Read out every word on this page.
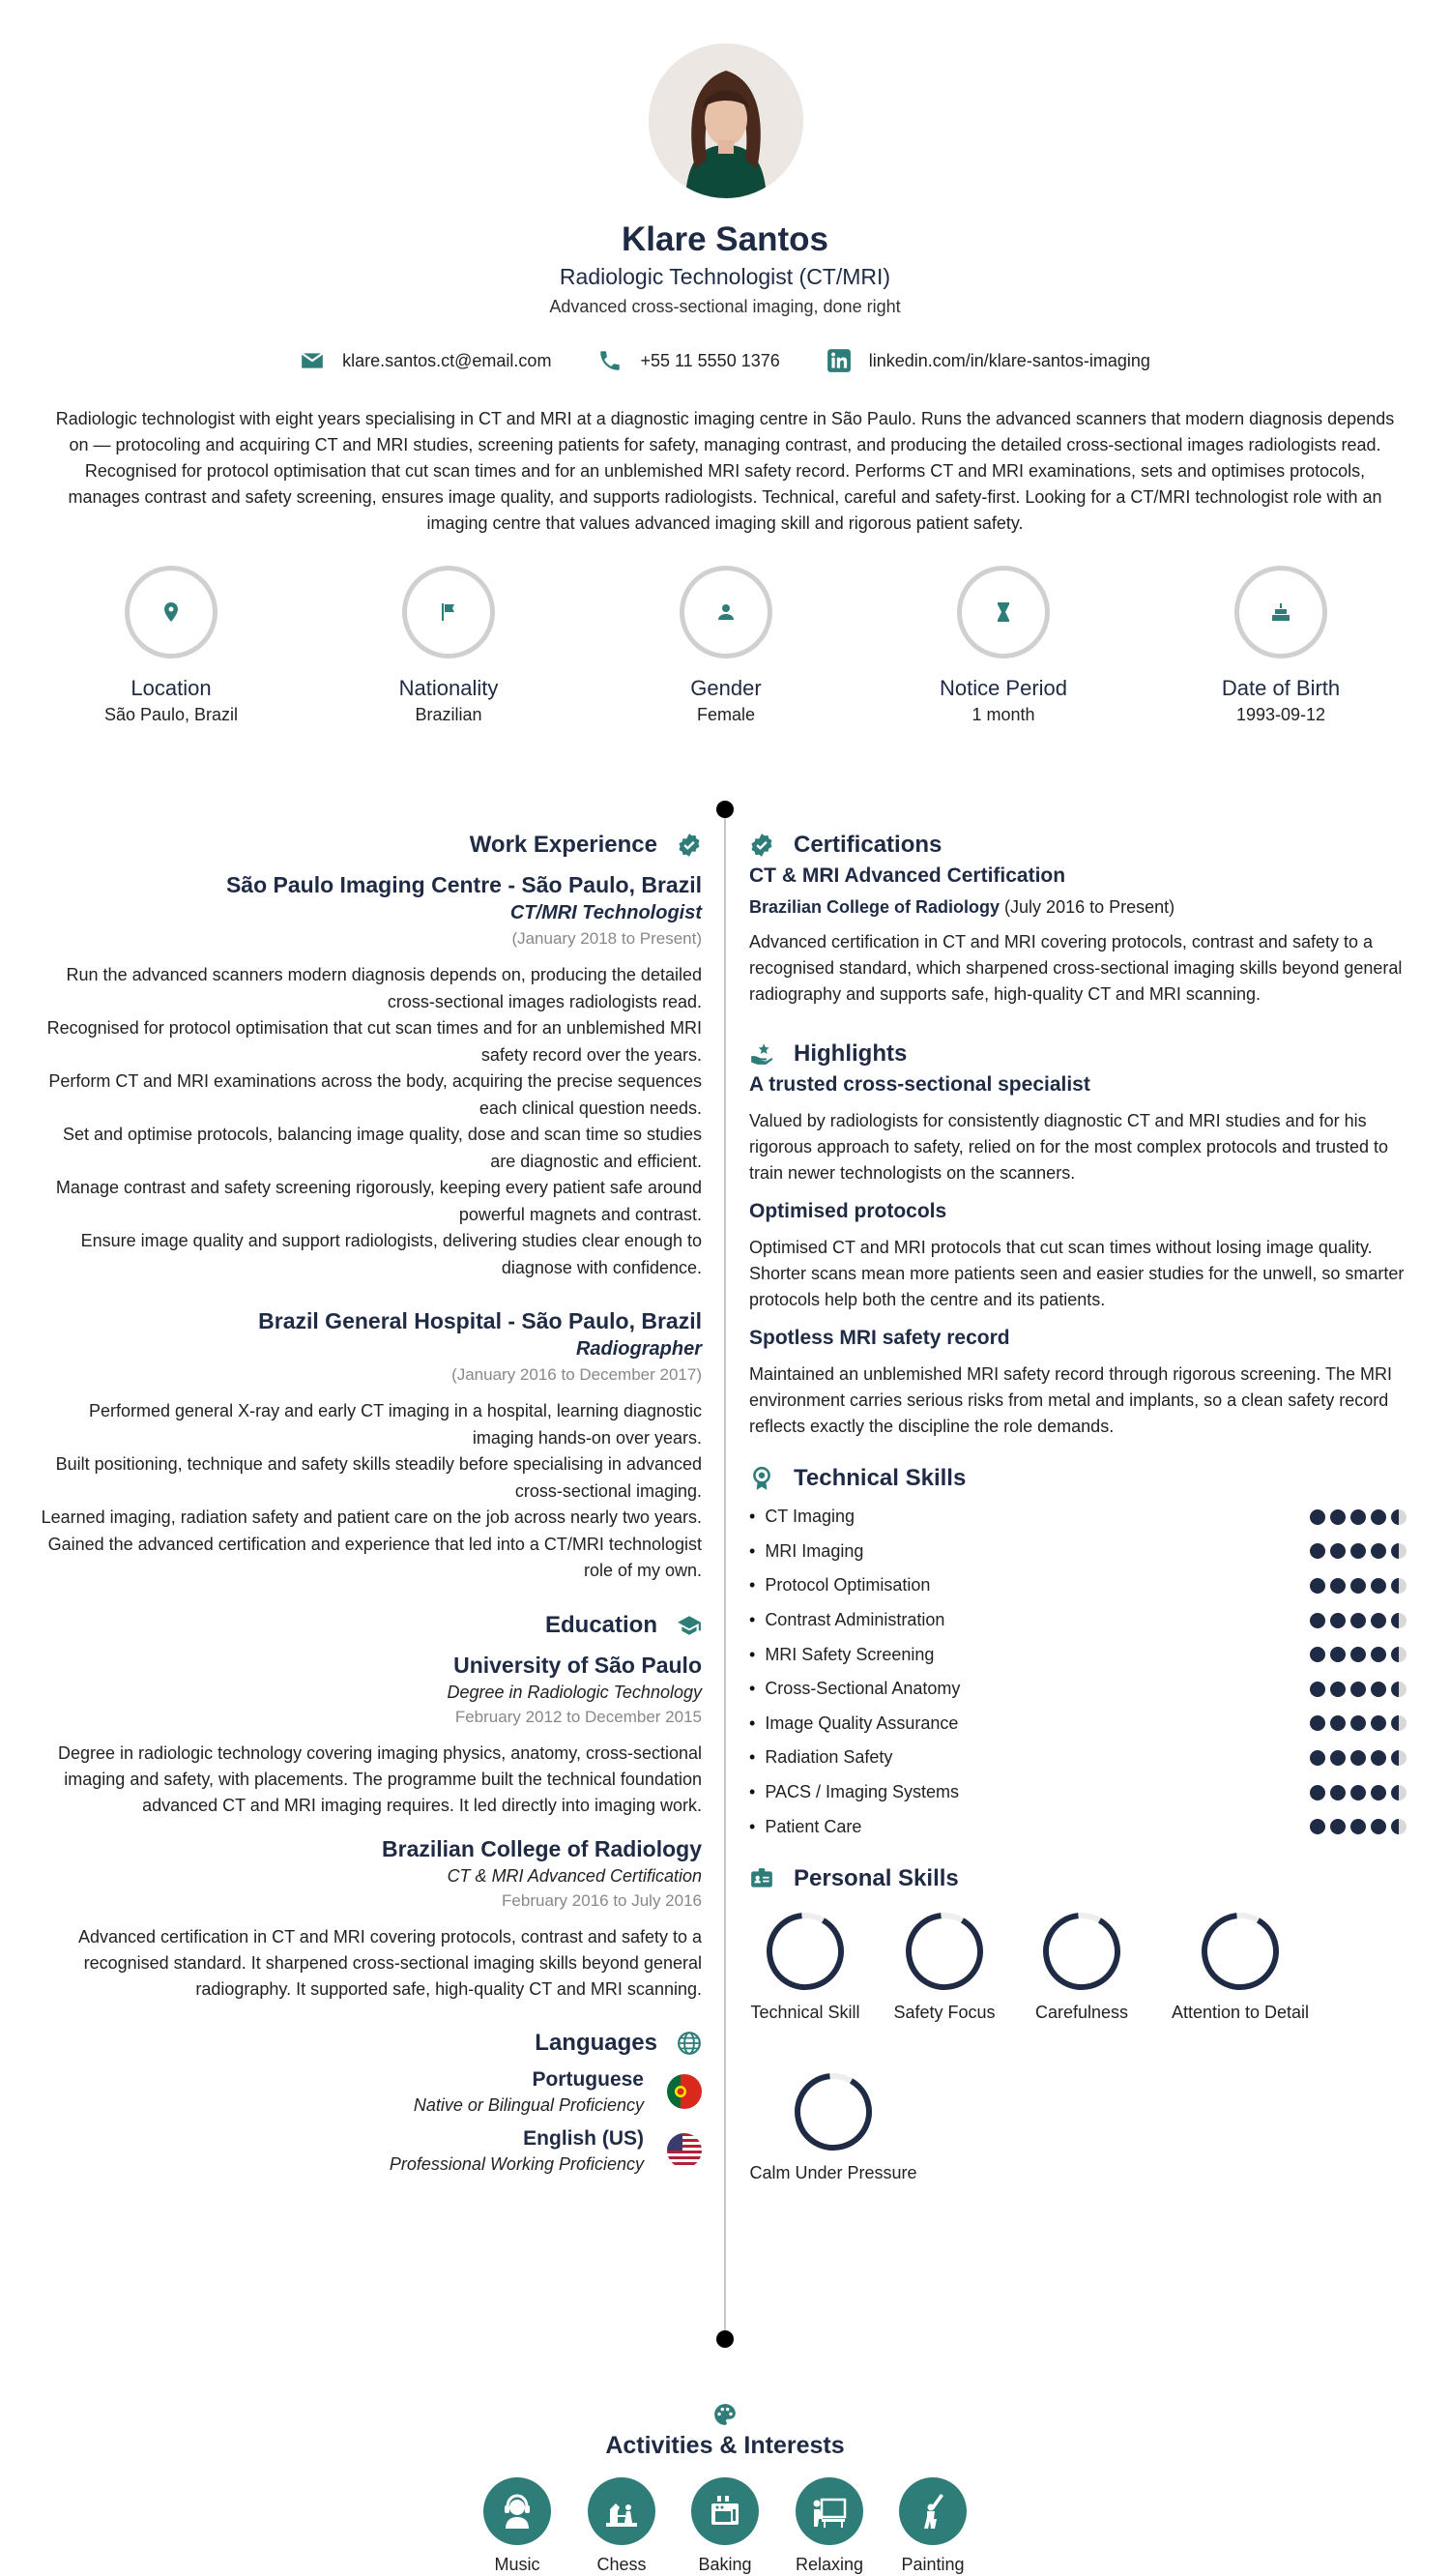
Klare Santos
Radiologic Technologist (CT/MRI)
Advanced cross-sectional imaging, done right
klare.santos.ct@email.com	+55 11 5550 1376	linkedin.com/in/klare-santos-imaging
Radiologic technologist with eight years specialising in CT and MRI at a diagnostic imaging centre in São Paulo. Runs the advanced scanners that modern diagnosis depends on — protocoling and acquiring CT and MRI studies, screening patients for safety, managing contrast, and producing the detailed cross-sectional images radiologists read. Recognised for protocol optimisation that cut scan times and for an unblemished MRI safety record. Performs CT and MRI examinations, sets and optimises protocols, manages contrast and safety screening, ensures image quality, and supports radiologists. Technical, careful and safety-first. Looking for a CT/MRI technologist role with an imaging centre that values advanced imaging skill and rigorous patient safety.
Location
São Paulo, Brazil
Nationality
Brazilian
Gender
Female
Notice Period
1 month
Date of Birth
1993-09-12
Work Experience
São Paulo Imaging Centre - São Paulo, Brazil
CT/MRI Technologist
(January 2018 to Present)
Run the advanced scanners modern diagnosis depends on, producing the detailed cross-sectional images radiologists read.
Recognised for protocol optimisation that cut scan times and for an unblemished MRI safety record over the years.
Perform CT and MRI examinations across the body, acquiring the precise sequences each clinical question needs.
Set and optimise protocols, balancing image quality, dose and scan time so studies are diagnostic and efficient.
Manage contrast and safety screening rigorously, keeping every patient safe around powerful magnets and contrast.
Ensure image quality and support radiologists, delivering studies clear enough to diagnose with confidence.
Brazil General Hospital - São Paulo, Brazil
Radiographer
(January 2016 to December 2017)
Performed general X-ray and early CT imaging in a hospital, learning diagnostic imaging hands-on over years.
Built positioning, technique and safety skills steadily before specialising in advanced cross-sectional imaging.
Learned imaging, radiation safety and patient care on the job across nearly two years.
Gained the advanced certification and experience that led into a CT/MRI technologist role of my own.
Education
University of São Paulo
Degree in Radiologic Technology
February 2012 to December 2015
Degree in radiologic technology covering imaging physics, anatomy, cross-sectional imaging and safety, with placements. The programme built the technical foundation advanced CT and MRI imaging requires. It led directly into imaging work.
Brazilian College of Radiology
CT & MRI Advanced Certification
February 2016 to July 2016
Advanced certification in CT and MRI covering protocols, contrast and safety to a recognised standard. It sharpened cross-sectional imaging skills beyond general radiography. It supported safe, high-quality CT and MRI scanning.
Languages
Portuguese
Native or Bilingual Proficiency
English (US)
Professional Working Proficiency
Certifications
CT & MRI Advanced Certification
Brazilian College of Radiology (July 2016 to Present)
Advanced certification in CT and MRI covering protocols, contrast and safety to a recognised standard, which sharpened cross-sectional imaging skills beyond general radiography and supports safe, high-quality CT and MRI scanning.
Highlights
A trusted cross-sectional specialist
Valued by radiologists for consistently diagnostic CT and MRI studies and for his rigorous approach to safety, relied on for the most complex protocols and trusted to train newer technologists on the scanners.
Optimised protocols
Optimised CT and MRI protocols that cut scan times without losing image quality. Shorter scans mean more patients seen and easier studies for the unwell, so smarter protocols help both the centre and its patients.
Spotless MRI safety record
Maintained an unblemished MRI safety record through rigorous screening. The MRI environment carries serious risks from metal and implants, so a clean safety record reflects exactly the discipline the role demands.
Technical Skills
• CT Imaging
• MRI Imaging
• Protocol Optimisation
• Contrast Administration
• MRI Safety Screening
• Cross-Sectional Anatomy
• Image Quality Assurance
• Radiation Safety
• PACS / Imaging Systems
• Patient Care
Personal Skills
Technical Skill	Safety Focus	Carefulness	Attention to Detail
Calm Under Pressure
Activities & Interests
Music	Chess	Baking	Relaxing	Painting
